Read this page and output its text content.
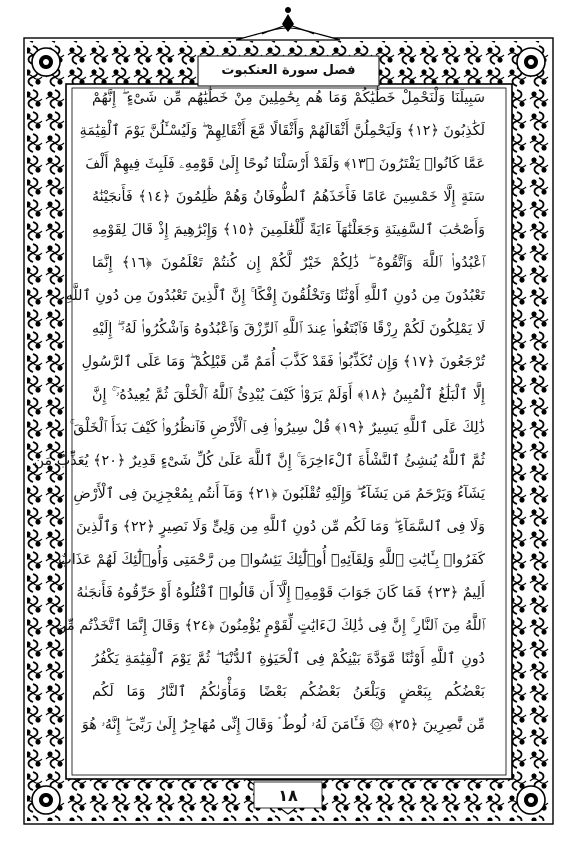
فصل سورة العنكبوت
سَبِيلَنَا وَلْنَحْمِلْ خَطَٰيَٰكُمْ وَمَا هُم بِحَٰمِلِينَ مِنْ خَطَٰيَٰهُم مِّن شَىْءٍ ۖ إِنَّهُمْ
لَكَٰذِبُونَ ﴿١٢﴾ وَلَيَحْمِلُنَّ أَثْقَالَهُمْ وَأَثْقَالًا مَّعَ أَثْقَالِهِمْ ۖ وَلَيُسْـَٔلُنَّ يَوْمَ ٱلْقِيَٰمَةِ
عَمَّا كَانُوا۟ يَفْتَرُونَ ﴿١٣﴾ وَلَقَدْ أَرْسَلْنَا نُوحًا إِلَىٰ قَوْمِهِۦ فَلَبِثَ فِيهِمْ أَلْفَ
سَنَةٍ إِلَّا خَمْسِينَ عَامًا فَأَخَذَهُمُ ٱلطُّوفَانُ وَهُمْ ظَٰلِمُونَ ﴿١٤﴾ فَأَنجَيْنَٰهُ
وَأَصْحَٰبَ ٱلسَّفِينَةِ وَجَعَلْنَٰهَآ ءَايَةً لِّلْعَٰلَمِينَ ﴿١٥﴾ وَإِبْرَٰهِيمَ إِذْ قَالَ لِقَوْمِهِ
ٱعْبُدُوا۟ ٱللَّهَ وَٱتَّقُوهُ ۖ ذَٰلِكُمْ خَيْرٌ لَّكُمْ إِن كُنتُمْ تَعْلَمُونَ ﴿١٦﴾ إِنَّمَا
تَعْبُدُونَ مِن دُونِ ٱللَّهِ أَوْثَٰنًا وَتَخْلُقُونَ إِفْكًا ۚ إِنَّ ٱلَّذِينَ تَعْبُدُونَ مِن دُونِ ٱللَّهِ
لَا يَمْلِكُونَ لَكُمْ رِزْقًا فَٱبْتَغُوا۟ عِندَ ٱللَّهِ ٱلرِّزْقَ وَٱعْبُدُوهُ وَٱشْكُرُوا۟ لَهُۥٓ ۖ إِلَيْهِ
تُرْجَعُونَ ﴿١٧﴾ وَإِن تُكَذِّبُوا۟ فَقَدْ كَذَّبَ أُمَمٌ مِّن قَبْلِكُمْ ۖ وَمَا عَلَى ٱلرَّسُولِ
إِلَّا ٱلْبَلَٰغُ ٱلْمُبِينُ ﴿١٨﴾ أَوَلَمْ يَرَوْا۟ كَيْفَ يُبْدِئُ ٱللَّهُ ٱلْخَلْقَ ثُمَّ يُعِيدُهُۥٓ ۚ إِنَّ
ذَٰلِكَ عَلَى ٱللَّهِ يَسِيرٌ ﴿١٩﴾ قُلْ سِيرُوا۟ فِى ٱلْأَرْضِ فَٱنظُرُوا۟ كَيْفَ بَدَأَ ٱلْخَلْقَ ۚ
ثُمَّ ٱللَّهُ يُنشِئُ ٱلنَّشْأَةَ ٱلْءَاخِرَةَ ۚ إِنَّ ٱللَّهَ عَلَىٰ كُلِّ شَىْءٍ قَدِيرٌ ﴿٢٠﴾ يُعَذِّبُ مَن
يَشَآءُ وَيَرْحَمُ مَن يَشَآءُ ۖ وَإِلَيْهِ تُقْلَبُونَ ﴿٢١﴾ وَمَآ أَنتُم بِمُعْجِزِينَ فِى ٱلْأَرْضِ
وَلَا فِى ٱلسَّمَآءِ ۖ وَمَا لَكُم مِّن دُونِ ٱللَّهِ مِن وَلِىٍّ وَلَا نَصِيرٍ ﴿٢٢﴾ وَٱلَّذِينَ
كَفَرُوا۟ بِـَٔايَٰتِ ٱللَّهِ وَلِقَآئِهِۦٓ أُو۟لَٰٓئِكَ يَئِسُوا۟ مِن رَّحْمَتِى وَأُو۟لَٰٓئِكَ لَهُمْ عَذَابٌ
أَلِيمٌ ﴿٢٣﴾ فَمَا كَانَ جَوَابَ قَوْمِهِۦٓ إِلَّآ أَن قَالُوا۟ ٱقْتُلُوهُ أَوْ حَرِّقُوهُ فَأَنجَىٰهُ
ٱللَّهُ مِنَ ٱلنَّارِ ۚ إِنَّ فِى ذَٰلِكَ لَءَايَٰتٍ لِّقَوْمٍ يُؤْمِنُونَ ﴿٢٤﴾ وَقَالَ إِنَّمَا ٱتَّخَذْتُم مِّن
دُونِ ٱللَّهِ أَوْثَٰنًا مَّوَدَّةَ بَيْنِكُمْ فِى ٱلْحَيَوٰةِ ٱلدُّنْيَا ۖ ثُمَّ يَوْمَ ٱلْقِيَٰمَةِ يَكْفُرُ
بَعْضُكُم بِبَعْضٍ وَيَلْعَنُ بَعْضُكُم بَعْضًا وَمَأْوَىٰكُمُ ٱلنَّارُ وَمَا لَكُم
مِّن نَّٰصِرِينَ ﴿٢٥﴾ ۞ فَـَٔامَنَ لَهُۥ لُوطٌ ۘ وَقَالَ إِنِّى مُهَاجِرٌ إِلَىٰ رَبِّىٓ ۖ إِنَّهُۥ هُوَ
١٨
